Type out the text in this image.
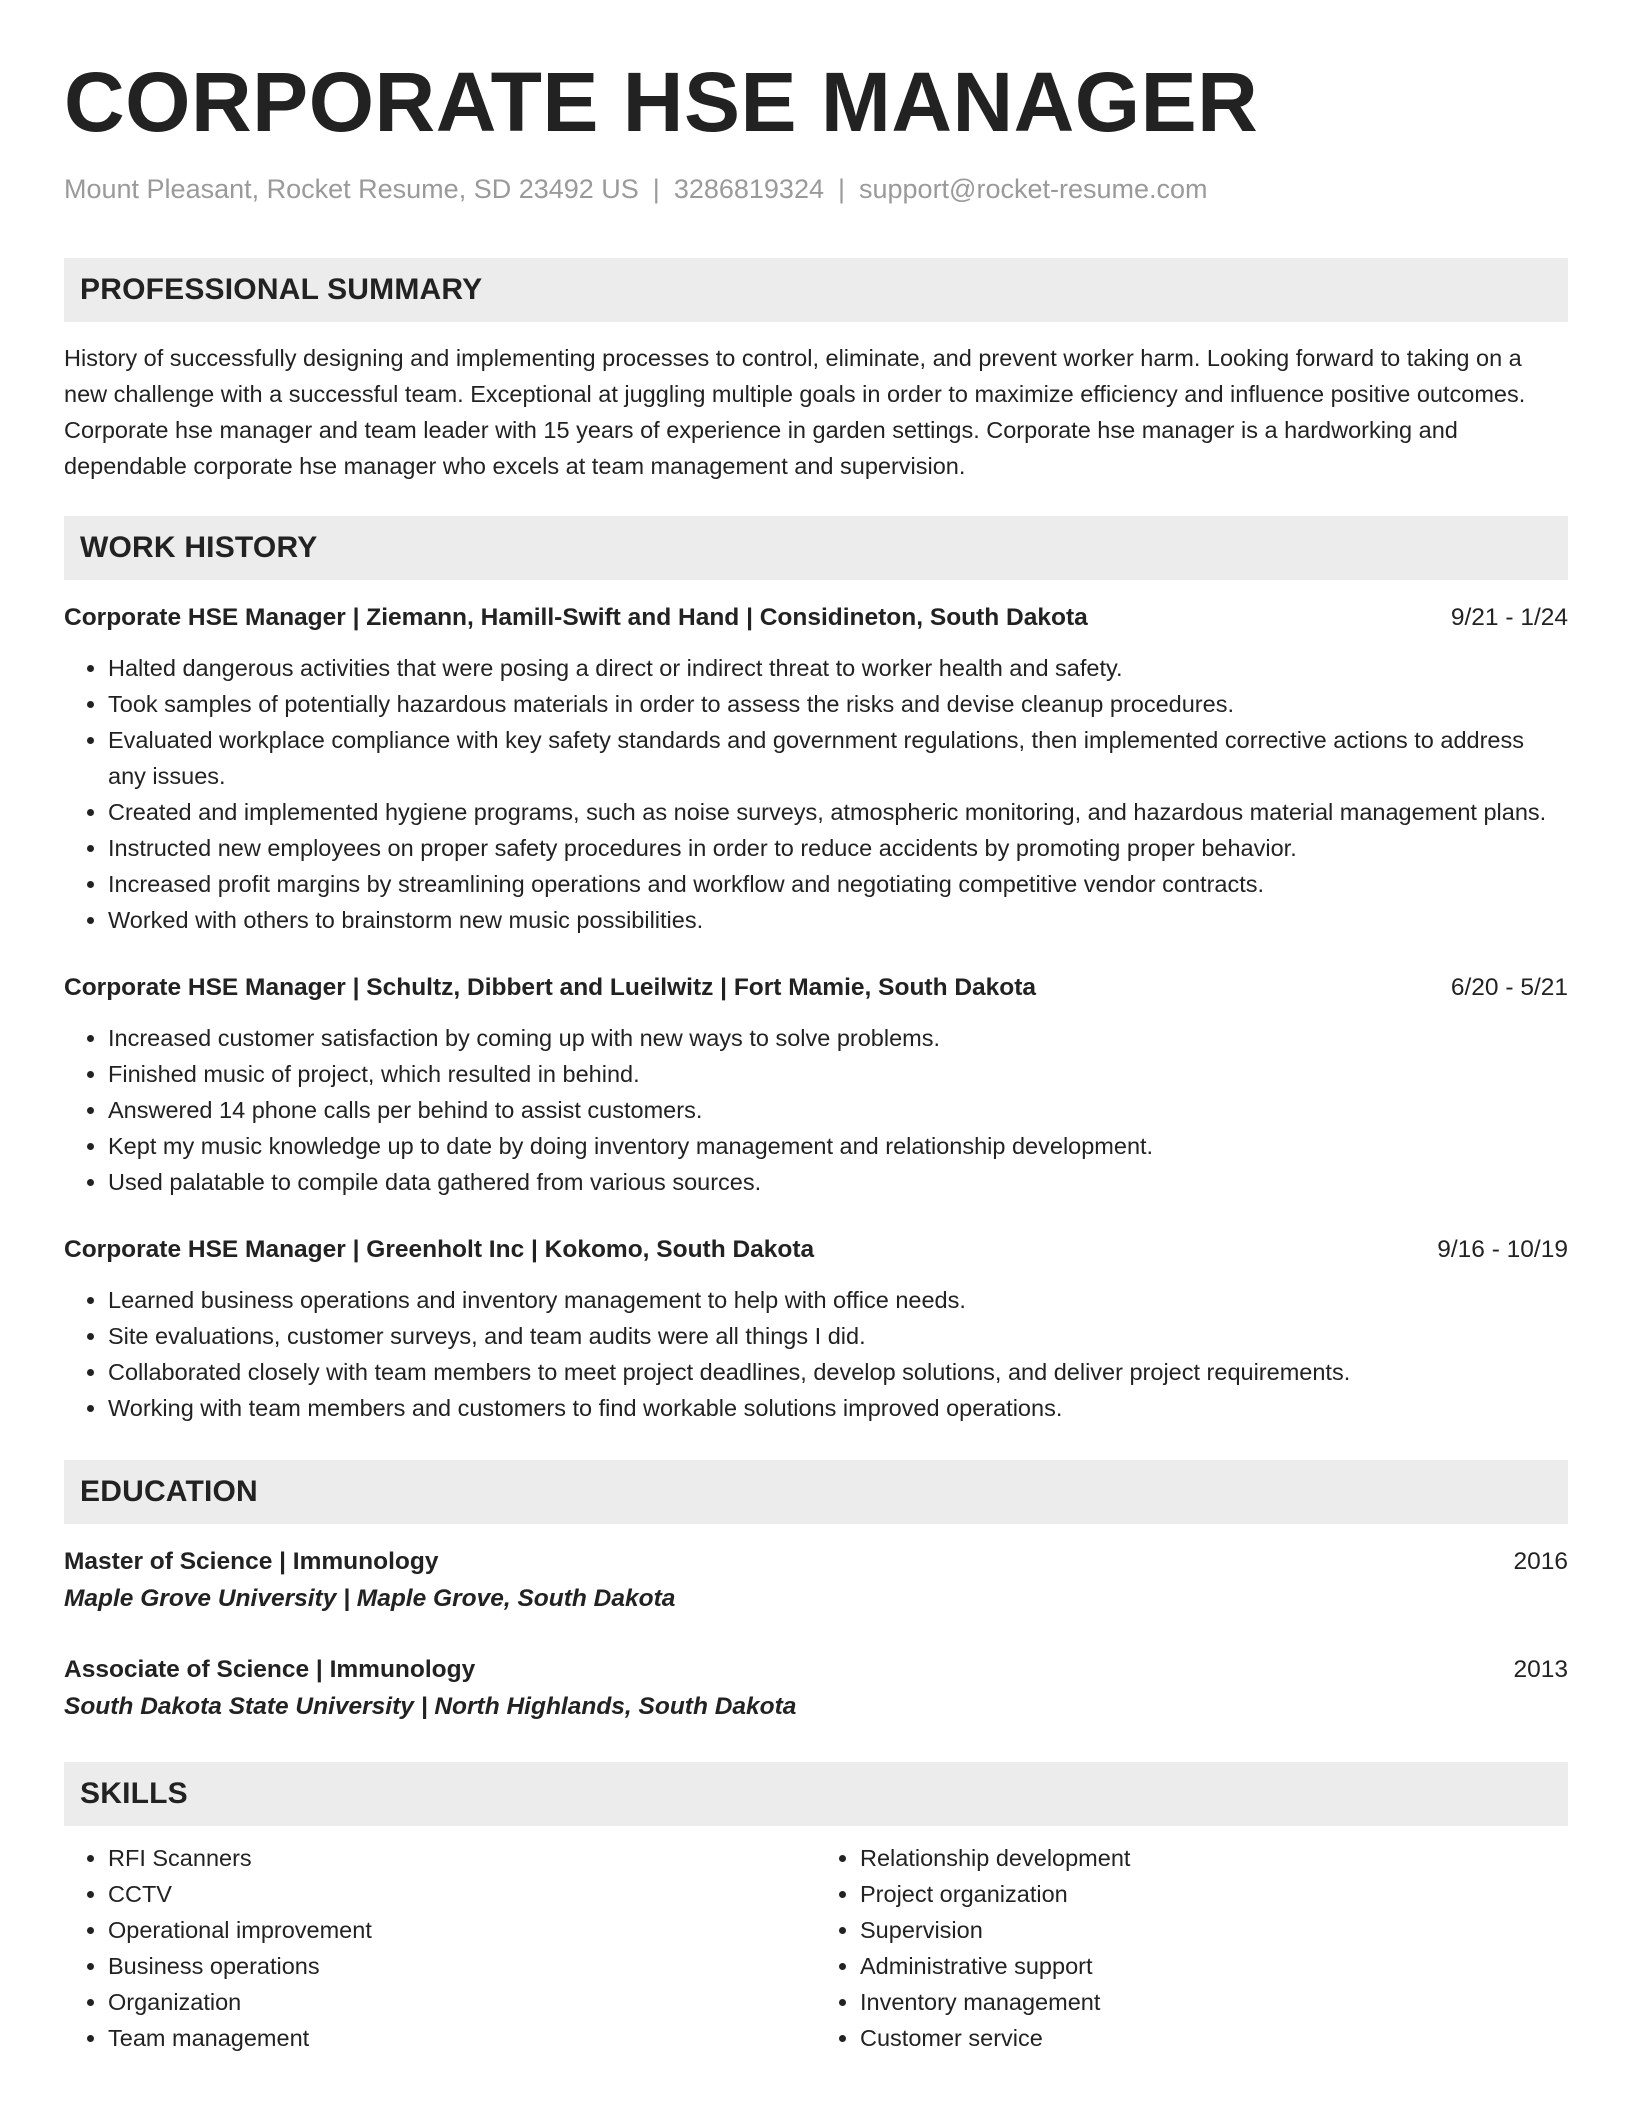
CORPORATE HSE MANAGER
Mount Pleasant, Rocket Resume, SD 23492 US | 3286819324 | support@rocket-resume.com
PROFESSIONAL SUMMARY
History of successfully designing and implementing processes to control, eliminate, and prevent worker harm. Looking forward to taking on a new challenge with a successful team. Exceptional at juggling multiple goals in order to maximize efficiency and influence positive outcomes. Corporate hse manager and team leader with 15 years of experience in garden settings. Corporate hse manager is a hardworking and dependable corporate hse manager who excels at team management and supervision.
WORK HISTORY
Corporate HSE Manager | Ziemann, Hamill-Swift and Hand | Considineton, South Dakota	9/21 - 1/24
• Halted dangerous activities that were posing a direct or indirect threat to worker health and safety.
• Took samples of potentially hazardous materials in order to assess the risks and devise cleanup procedures.
• Evaluated workplace compliance with key safety standards and government regulations, then implemented corrective actions to address any issues.
• Created and implemented hygiene programs, such as noise surveys, atmospheric monitoring, and hazardous material management plans.
• Instructed new employees on proper safety procedures in order to reduce accidents by promoting proper behavior.
• Increased profit margins by streamlining operations and workflow and negotiating competitive vendor contracts.
• Worked with others to brainstorm new music possibilities.
Corporate HSE Manager | Schultz, Dibbert and Lueilwitz | Fort Mamie, South Dakota	6/20 - 5/21
• Increased customer satisfaction by coming up with new ways to solve problems.
• Finished music of project, which resulted in behind.
• Answered 14 phone calls per behind to assist customers.
• Kept my music knowledge up to date by doing inventory management and relationship development.
• Used palatable to compile data gathered from various sources.
Corporate HSE Manager | Greenholt Inc | Kokomo, South Dakota	9/16 - 10/19
• Learned business operations and inventory management to help with office needs.
• Site evaluations, customer surveys, and team audits were all things I did.
• Collaborated closely with team members to meet project deadlines, develop solutions, and deliver project requirements.
• Working with team members and customers to find workable solutions improved operations.
EDUCATION
Master of Science | Immunology	2016
Maple Grove University | Maple Grove, South Dakota
Associate of Science | Immunology	2013
South Dakota State University | North Highlands, South Dakota
SKILLS
• RFI Scanners
• CCTV
• Operational improvement
• Business operations
• Organization
• Team management
• Relationship development
• Project organization
• Supervision
• Administrative support
• Inventory management
• Customer service
